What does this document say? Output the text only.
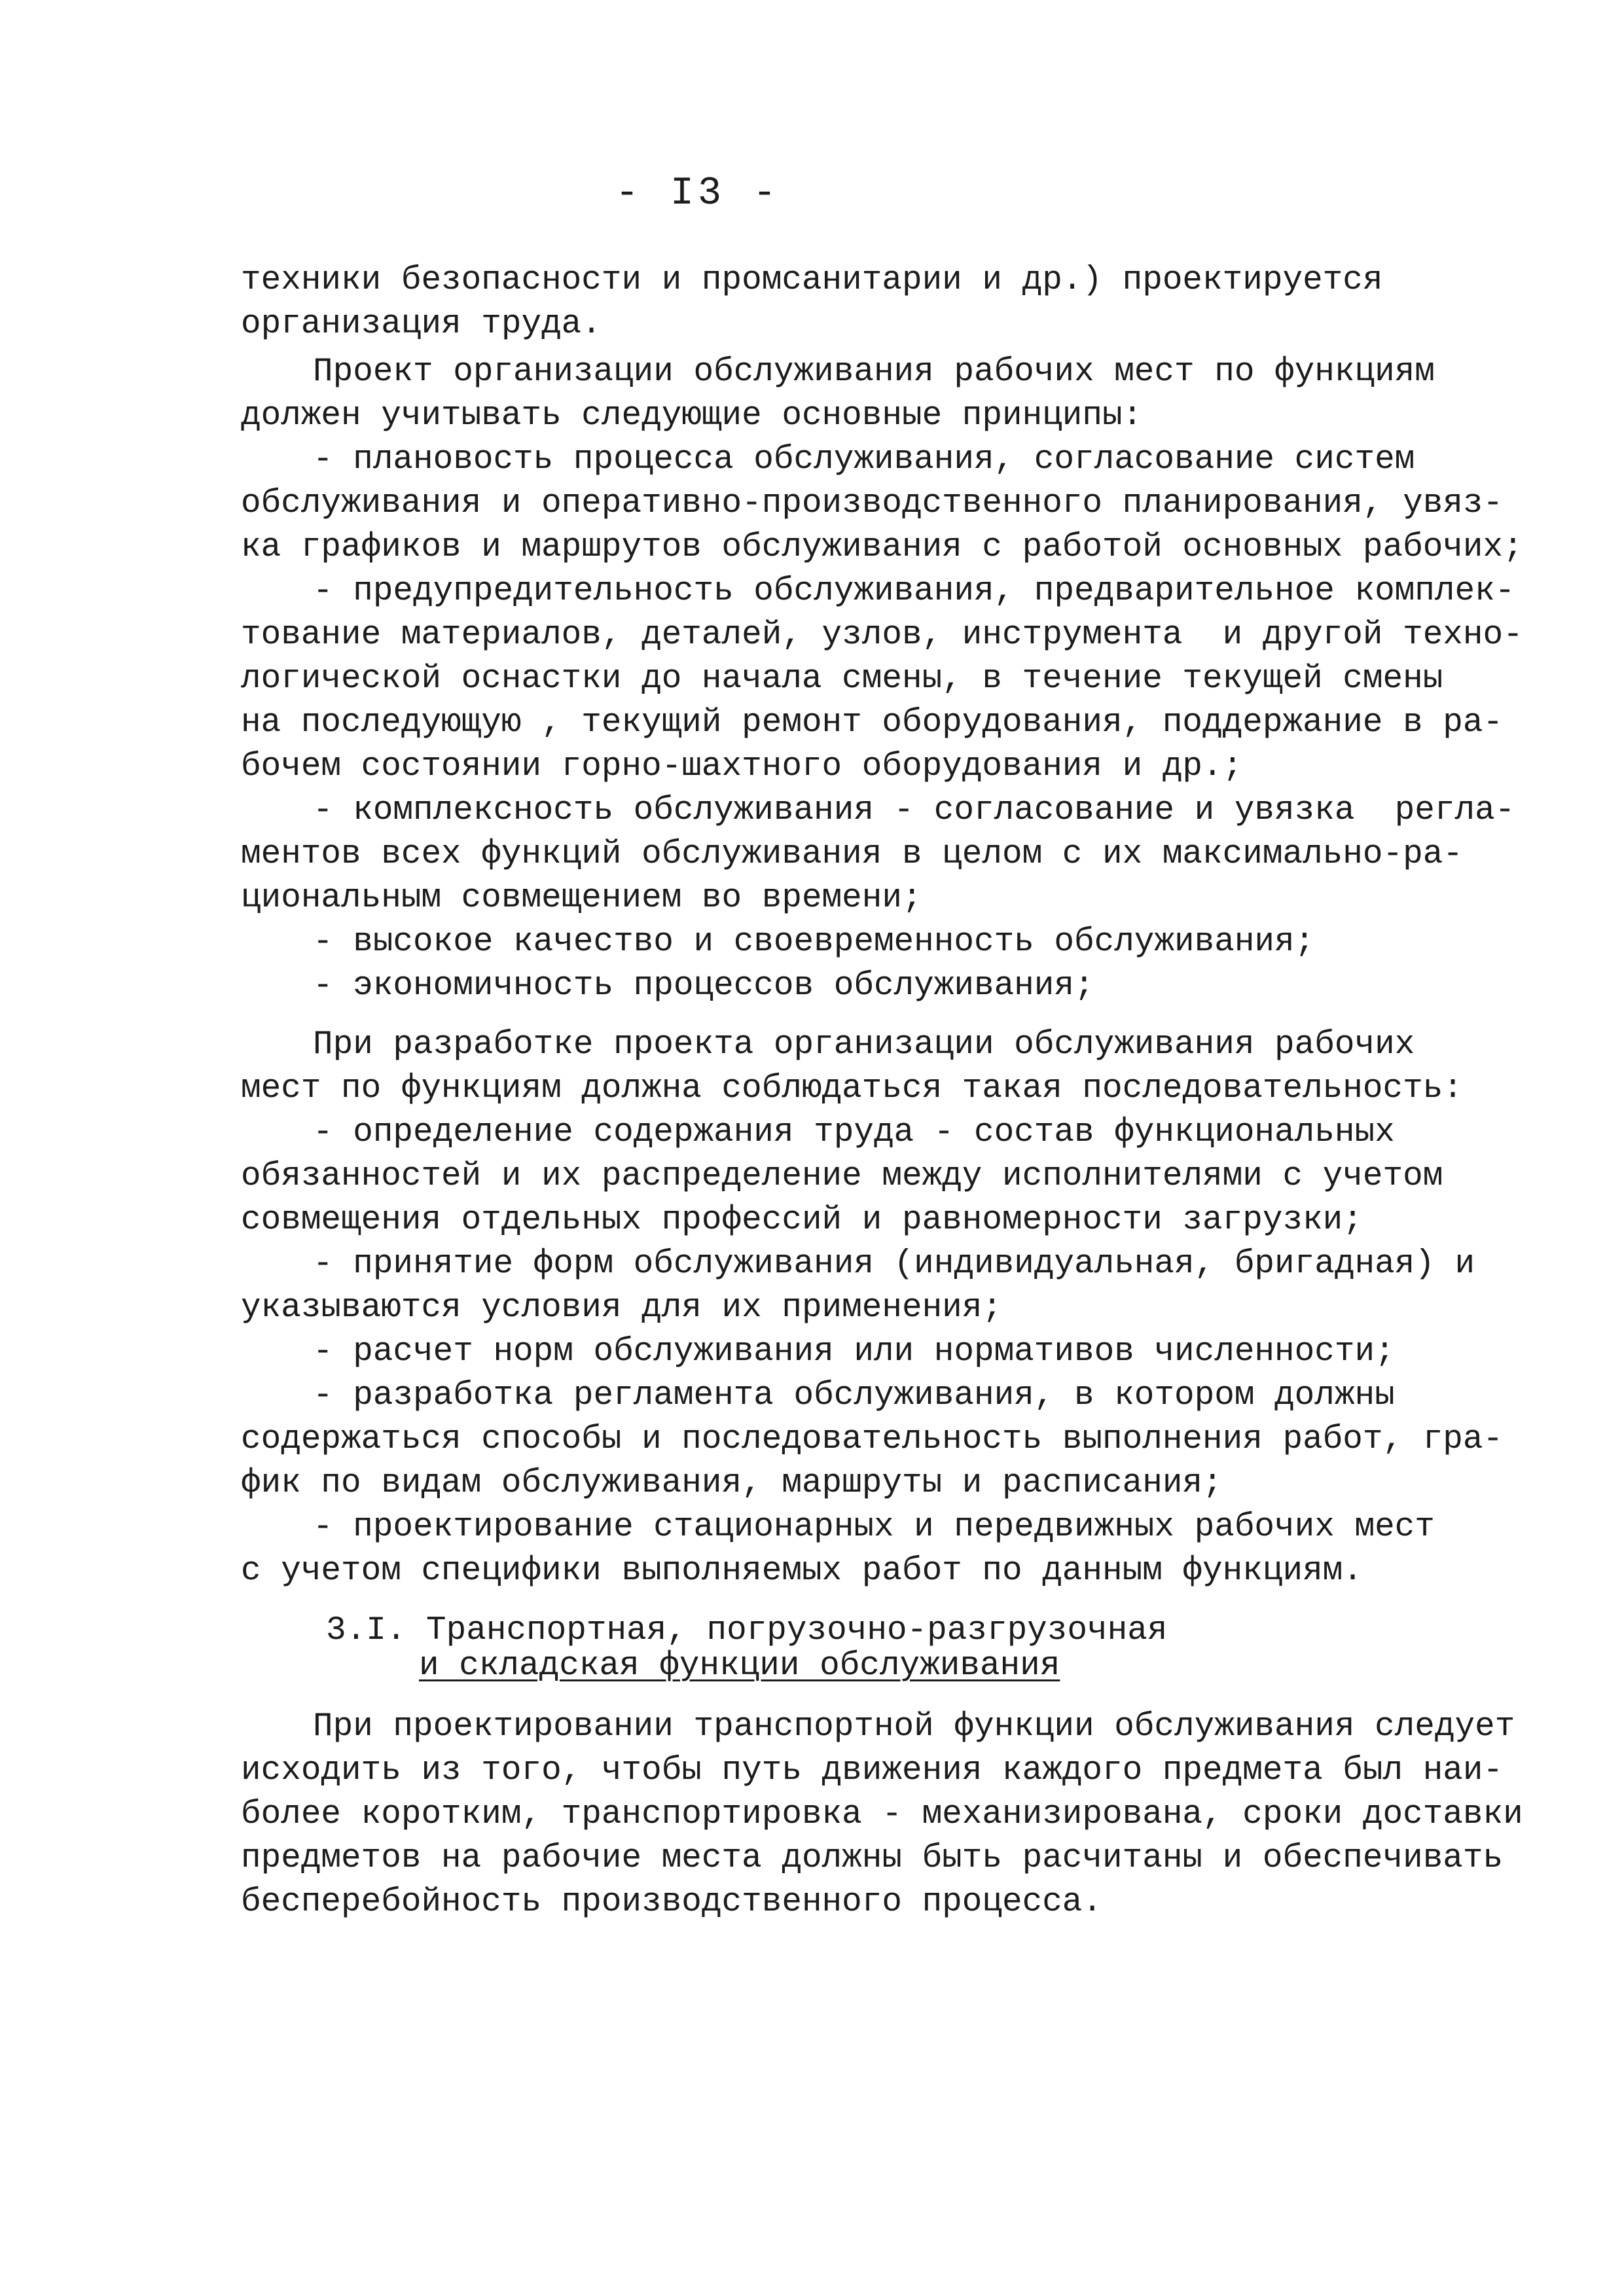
- I3 -
техники безопасности и промсанитарии и др.) проектируется
организация труда.
Проект организации обслуживания рабочих мест по функциям
должен учитывать следующие основные принципы:
- плановость процесса обслуживания, согласование систем
обслуживания и оперативно-производственного планирования, увяз-
ка графиков и маршрутов обслуживания с работой основных рабочих;
- предупредительность обслуживания, предварительное комплек-
тование материалов, деталей, узлов, инструмента  и другой техно-
логической оснастки до начала смены, в течение текущей смены
на последующую , текущий ремонт оборудования, поддержание в ра-
бочем состоянии горно-шахтного оборудования и др.;
- комплексность обслуживания - согласование и увязка  регла-
ментов всех функций обслуживания в целом с их максимально-ра-
циональным совмещением во времени;
- высокое качество и своевременность обслуживания;
- экономичность процессов обслуживания;
При разработке проекта организации обслуживания рабочих
мест по функциям должна соблюдаться такая последовательность:
- определение содержания труда - состав функциональных
обязанностей и их распределение между исполнителями с учетом
совмещения отдельных профессий и равномерности загрузки;
- принятие форм обслуживания (индивидуальная, бригадная) и
указываются условия для их применения;
- расчет норм обслуживания или нормативов численности;
- разработка регламента обслуживания, в котором должны
содержаться способы и последовательность выполнения работ, гра-
фик по видам обслуживания, маршруты и расписания;
- проектирование стационарных и передвижных рабочих мест
с учетом специфики выполняемых работ по данным функциям.
3.I. Транспортная, погрузочно-разгрузочная
и складская функции обслуживания
При проектировании транспортной функции обслуживания следует
исходить из того, чтобы путь движения каждого предмета был наи-
более коротким, транспортировка - механизирована, сроки доставки
предметов на рабочие места должны быть расчитаны и обеспечивать
бесперебойность производственного процесса.
